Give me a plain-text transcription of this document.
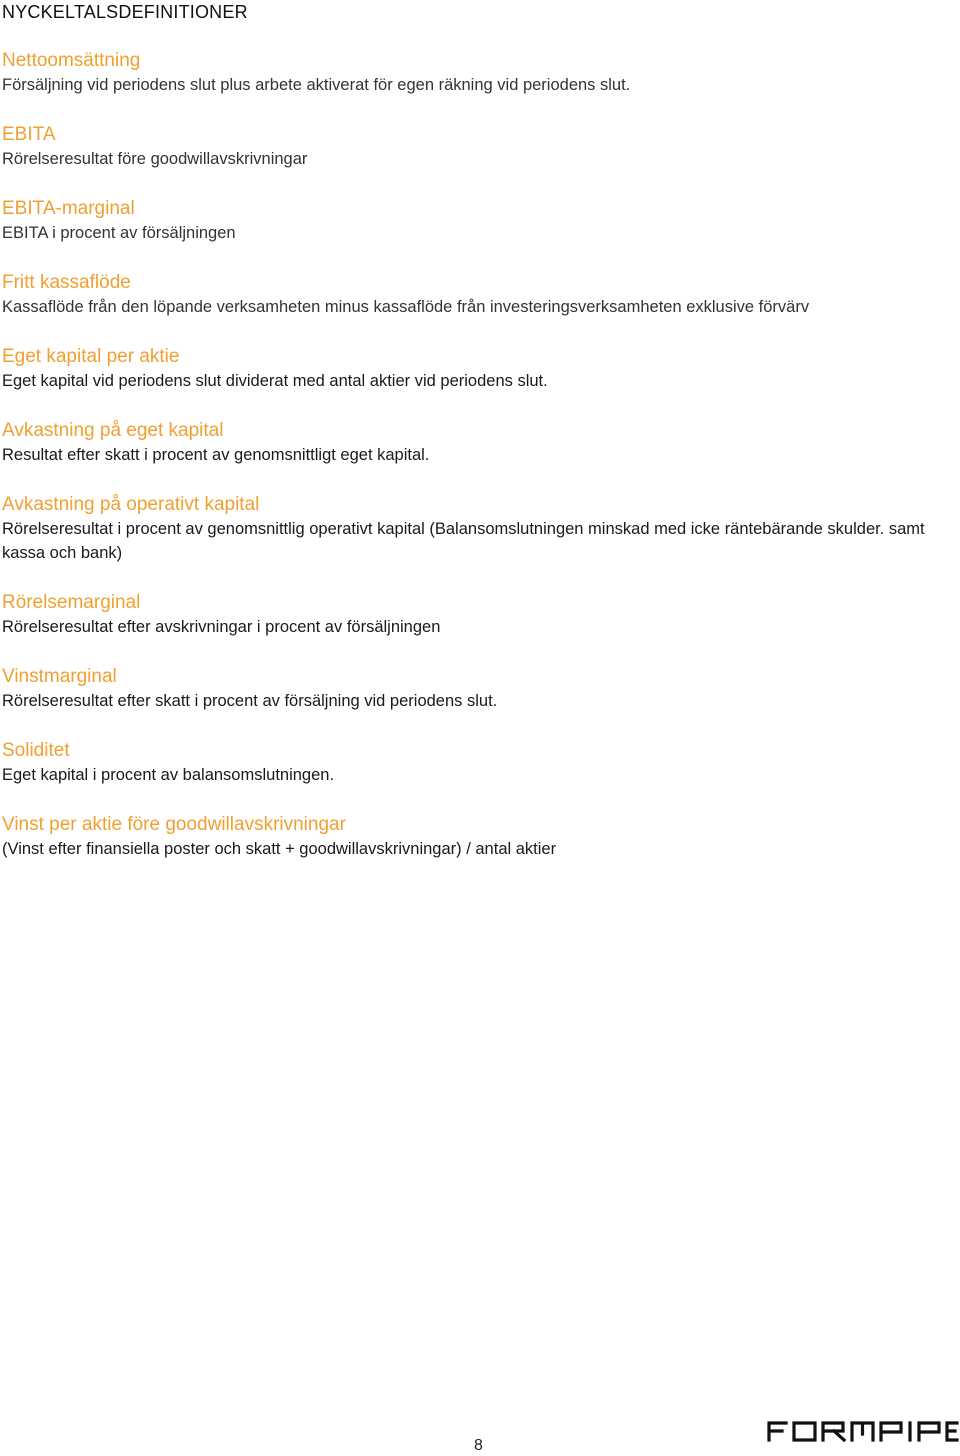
NYCKELTALSDEFINITIONER
Nettoomsättning
Försäljning vid periodens slut plus arbete aktiverat för egen räkning vid periodens slut.
EBITA
Rörelseresultat före goodwillavskrivningar
EBITA-marginal
EBITA i procent av försäljningen
Fritt kassaflöde
Kassaflöde från den löpande verksamheten minus kassaflöde från investeringsverksamheten exklusive förvärv
Eget kapital per aktie
Eget kapital vid periodens slut dividerat med antal aktier vid periodens slut.
Avkastning på eget kapital
Resultat efter skatt i procent av genomsnittligt eget kapital.
Avkastning på operativt kapital
Rörelseresultat i procent av genomsnittlig operativt kapital (Balansomslutningen minskad med icke räntebärande skulder. samt kassa och bank)
Rörelsemarginal
Rörelseresultat efter avskrivningar i procent av försäljningen
Vinstmarginal
Rörelseresultat efter skatt i procent av försäljning vid periodens slut.
Soliditet
Eget kapital i procent av balansomslutningen.
Vinst per aktie före goodwillavskrivningar
(Vinst efter finansiella poster och skatt + goodwillavskrivningar) / antal aktier
8
